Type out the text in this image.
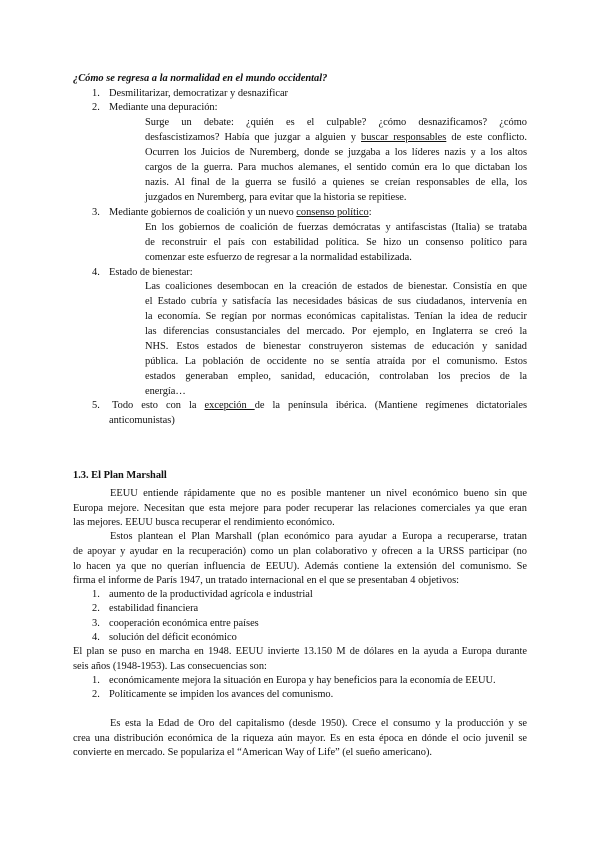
¿Cómo se regresa a la normalidad en el mundo occidental?
1. Desmilitarizar, democratizar y desnazificar
2. Mediante una depuración:
Surge un debate: ¿quién es el culpable? ¿cómo desnazificamos? ¿cómo
desfascistizamos? Había que juzgar a alguien y buscar responsables de este conflicto.
Ocurren los Juicios de Nuremberg, donde se juzgaba a los líderes nazis y a los altos
cargos de la guerra. Para muchos alemanes, el sentido común era lo que dictaban los
nazis. Al final de la guerra se fusiló a quienes se creían responsables de ella, los
juzgados en Nuremberg, para evitar que la historia se repitiese.
3. Mediante gobiernos de coalición y un nuevo consenso político:
En los gobiernos de coalición de fuerzas demócratas y antifascistas (Italia) se trataba
de reconstruir el país con estabilidad política. Se hizo un consenso político para
comenzar este esfuerzo de regresar a la normalidad estabilizada.
4. Estado de bienestar:
Las coaliciones desembocan en la creación de estados de bienestar. Consistía en que
el Estado cubría y satisfacía las necesidades básicas de sus ciudadanos, intervenía en
la economía. Se regían por normas económicas capitalistas. Tenían la idea de reducir
las diferencias consustanciales del mercado. Por ejemplo, en Inglaterra se creó la
NHS. Estos estados de bienestar construyeron sistemas de educación y sanidad
pública. La población de occidente no se sentía atraída por el comunismo. Estos
estados generaban empleo, sanidad, educación, controlaban los precios de la
energía…
5. Todo esto con la excepción de la península ibérica. (Mantiene regímenes dictatoriales
anticomunistas)
1.3. El Plan Marshall
EEUU entiende rápidamente que no es posible mantener un nivel económico bueno sin que
Europa mejore. Necesitan que esta mejore para poder recuperar las relaciones comerciales ya que eran
las mejores. EEUU busca recuperar el rendimiento económico.
Estos plantean el Plan Marshall (plan económico para ayudar a Europa a recuperarse, tratan
de apoyar y ayudar en la recuperación) como un plan colaborativo y ofrecen a la URSS participar (no
lo hacen ya que no querían influencia de EEUU). Además contiene la extensión del comunismo. Se
firma el informe de París 1947, un tratado internacional en el que se presentaban 4 objetivos:
1. aumento de la productividad agrícola e industrial
2. estabilidad financiera
3. cooperación económica entre países
4. solución del déficit económico
El plan se puso en marcha en 1948. EEUU invierte 13.150 M de dólares en la ayuda a Europa durante
seis años (1948-1953). Las consecuencias son:
1. económicamente mejora la situación en Europa y hay beneficios para la economía de EEUU.
2. Políticamente se impiden los avances del comunismo.
Es esta la Edad de Oro del capitalismo (desde 1950). Crece el consumo y la producción y se
crea una distribución económica de la riqueza aún mayor. Es en esta época en dónde el ocio juvenil se
convierte en mercado. Se populariza el “American Way of Life” (el sueño americano).
